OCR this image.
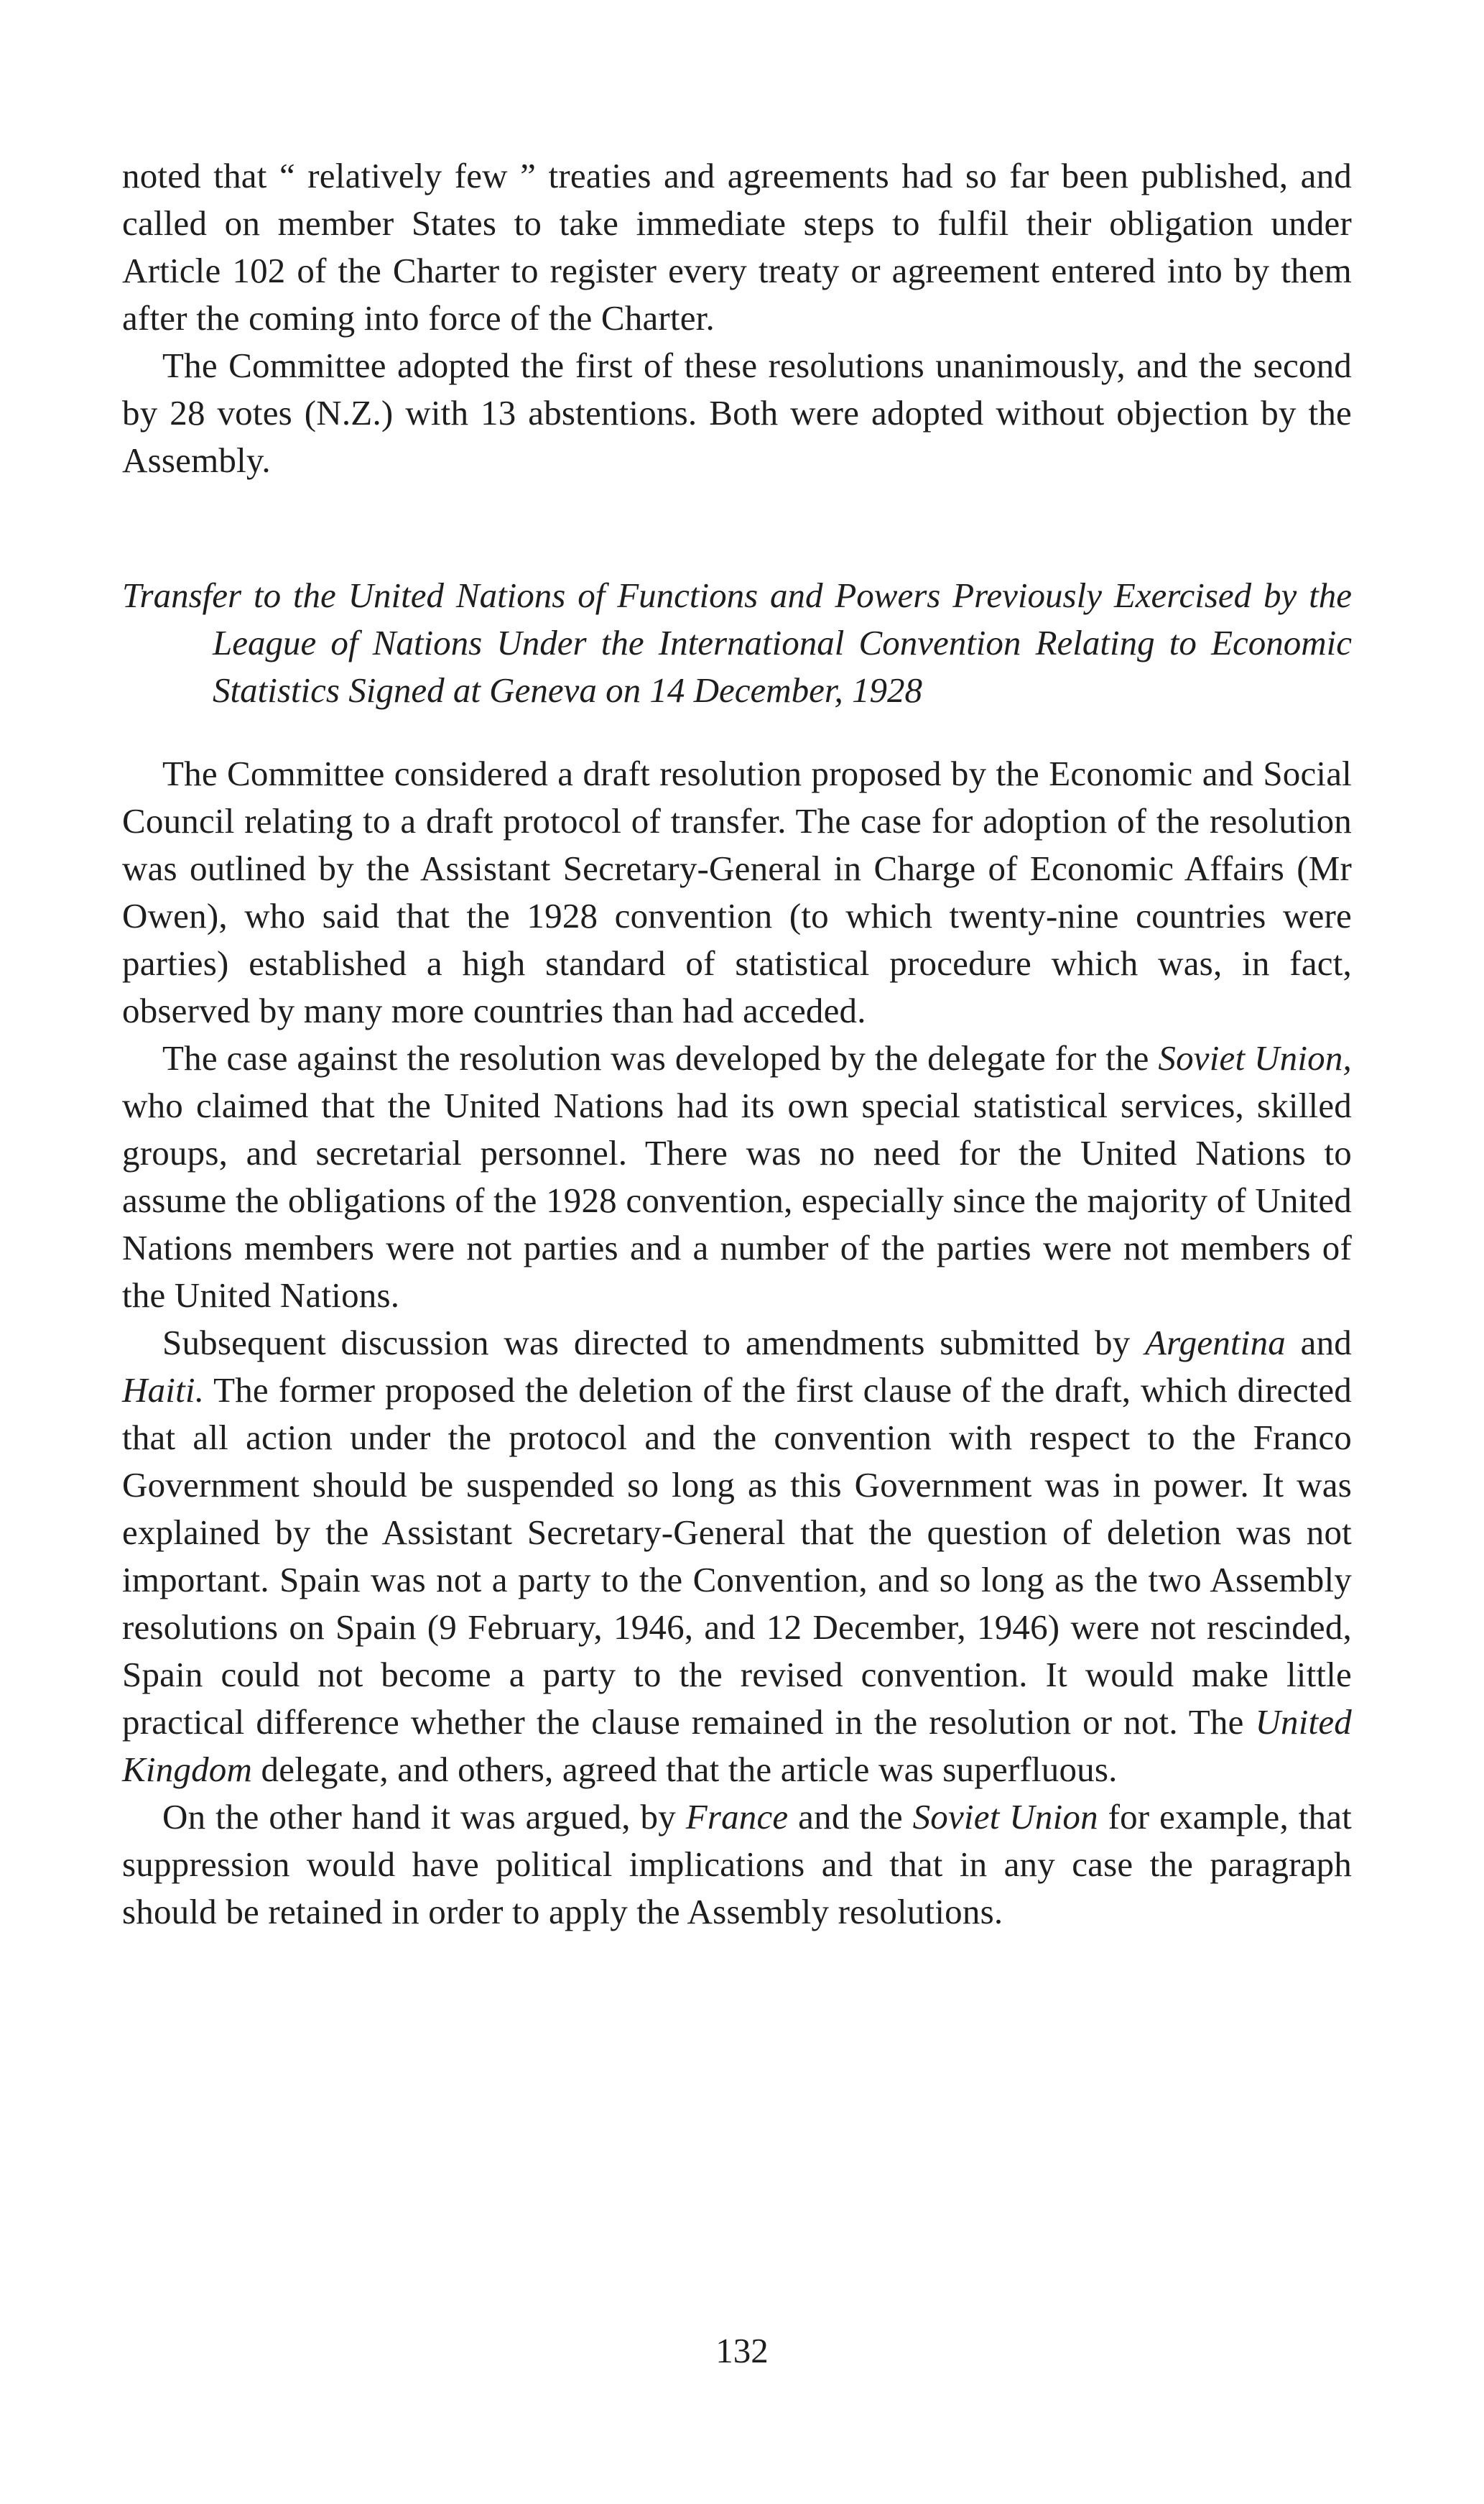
noted that “ relatively few ” treaties and agreements had so far been published, and called on member States to take immediate steps to fulfil their obligation under Article 102 of the Charter to register every treaty or agreement entered into by them after the coming into force of the Charter.

The Committee adopted the first of these resolutions unanimously, and the second by 28 votes (N.Z.) with 13 abstentions. Both were adopted without objection by the Assembly.

Transfer to the United Nations of Functions and Powers Previously Exercised by the League of Nations Under the International Convention Relating to Economic Statistics Signed at Geneva on 14 December, 1928

The Committee considered a draft resolution proposed by the Economic and Social Council relating to a draft protocol of transfer. The case for adoption of the resolution was outlined by the Assistant Secretary-General in Charge of Economic Affairs (Mr Owen), who said that the 1928 convention (to which twenty-nine countries were parties) established a high standard of statistical procedure which was, in fact, observed by many more countries than had acceded.

The case against the resolution was developed by the delegate for the Soviet Union, who claimed that the United Nations had its own special statistical services, skilled groups, and secretarial personnel. There was no need for the United Nations to assume the obligations of the 1928 convention, especially since the majority of United Nations members were not parties and a number of the parties were not members of the United Nations.

Subsequent discussion was directed to amendments submitted by Argentina and Haiti. The former proposed the deletion of the first clause of the draft, which directed that all action under the protocol and the convention with respect to the Franco Government should be suspended so long as this Government was in power. It was explained by the Assistant Secretary-General that the question of deletion was not important. Spain was not a party to the Convention, and so long as the two Assembly resolutions on Spain (9 February, 1946, and 12 December, 1946) were not rescinded, Spain could not become a party to the revised convention. It would make little practical difference whether the clause remained in the resolution or not. The United Kingdom delegate, and others, agreed that the article was superfluous.

On the other hand it was argued, by France and the Soviet Union for example, that suppression would have political implications and that in any case the paragraph should be retained in order to apply the Assembly resolutions.

132
